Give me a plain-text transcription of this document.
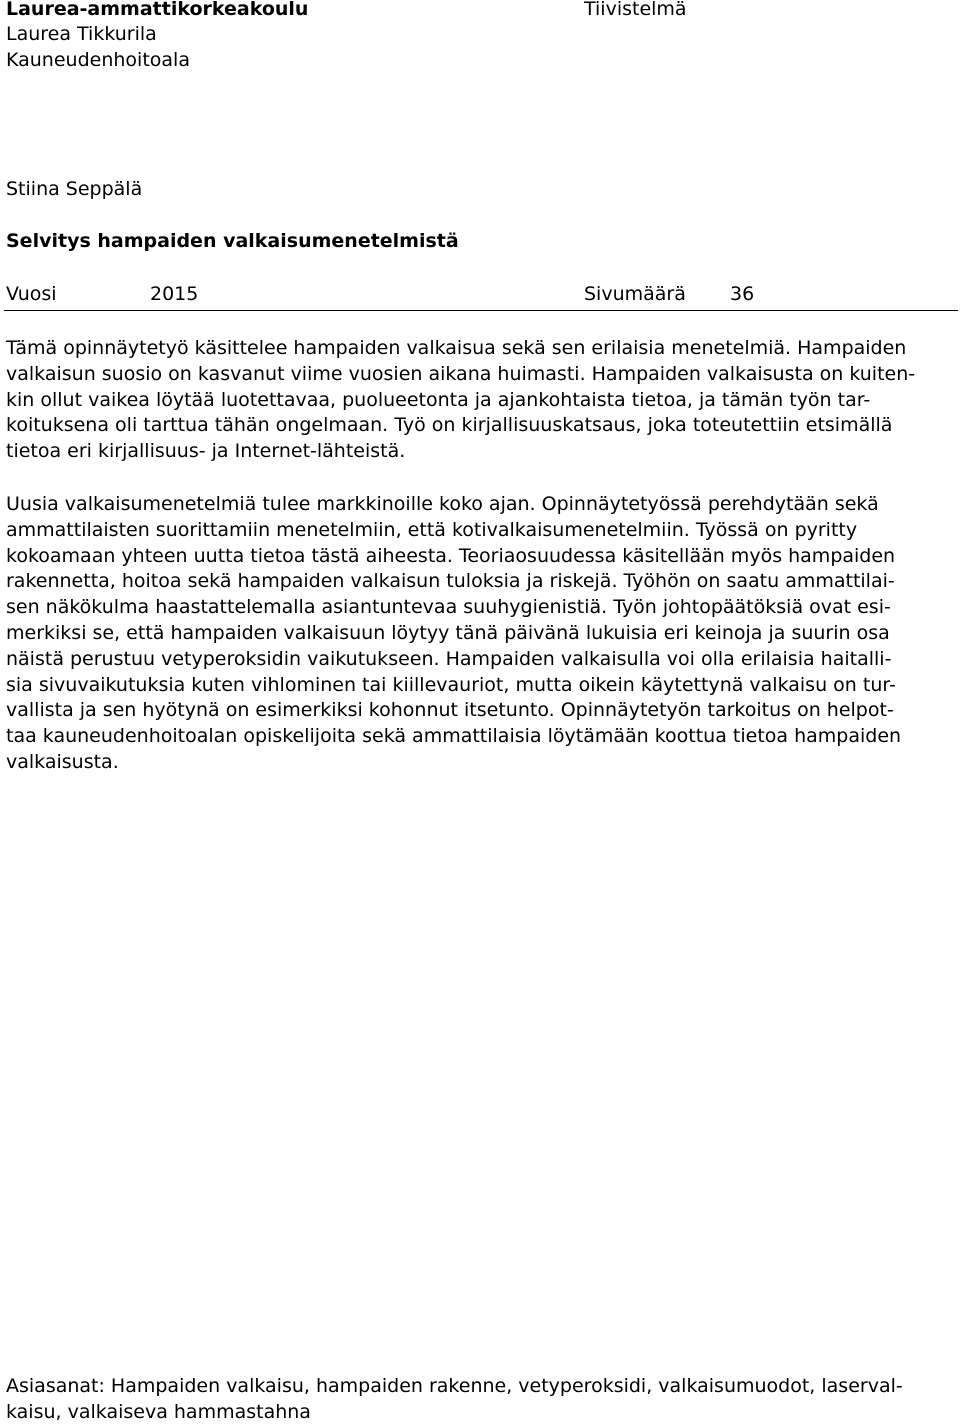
Laurea-ammattikorkeakoulu
Laurea Tikkurila
Kauneudenhoitoala
Tiivistelmä
Stiina Seppälä
Selvitys hampaiden valkaisumenetelmistä
Vuosi	2015	Sivumäärä 36
Tämä opinnäytetyö käsittelee hampaiden valkaisua sekä sen erilaisia menetelmiä. Hampaiden
valkaisun suosio on kasvanut viime vuosien aikana huimasti. Hampaiden valkaisusta on kuiten-
kin ollut vaikea löytää luotettavaa, puolueetonta ja ajankohtaista tietoa, ja tämän työn tar-
koituksena oli tarttua tähän ongelmaan. Työ on kirjallisuuskatsaus, joka toteutettiin etsimällä
tietoa eri kirjallisuus- ja Internet-lähteistä.
Uusia valkaisumenetelmiä tulee markkinoille koko ajan. Opinnäytetyössä perehdytään sekä
ammattilaisten suorittamiin menetelmiin, että kotivalkaisumenetelmiin. Työssä on pyritty
kokoamaan yhteen uutta tietoa tästä aiheesta. Teoriaosuudessa käsitellään myös hampaiden
rakennetta, hoitoa sekä hampaiden valkaisun tuloksia ja riskejä. Työhön on saatu ammattilai-
sen näkökulma haastattelemalla asiantuntevaa suuhygienistiä. Työn johtopäätöksiä ovat esi-
merkiksi se, että hampaiden valkaisuun löytyy tänä päivänä lukuisia eri keinoja ja suurin osa
näistä perustuu vetyperoksidin vaikutukseen. Hampaiden valkaisulla voi olla erilaisia haitalli-
sia sivuvaikutuksia kuten vihlominen tai kiillevauriot, mutta oikein käytettynä valkaisu on tur-
vallista ja sen hyötynä on esimerkiksi kohonnut itsetunto. Opinnäytetyön tarkoitus on helpot-
taa kauneudenhoitoalan opiskelijoita sekä ammattilaisia löytämään koottua tietoa hampaiden
valkaisusta.
Asiasanat: Hampaiden valkaisu, hampaiden rakenne, vetyperoksidi, valkaisumuodot, laserval-
kaisu, valkaiseva hammastahna
